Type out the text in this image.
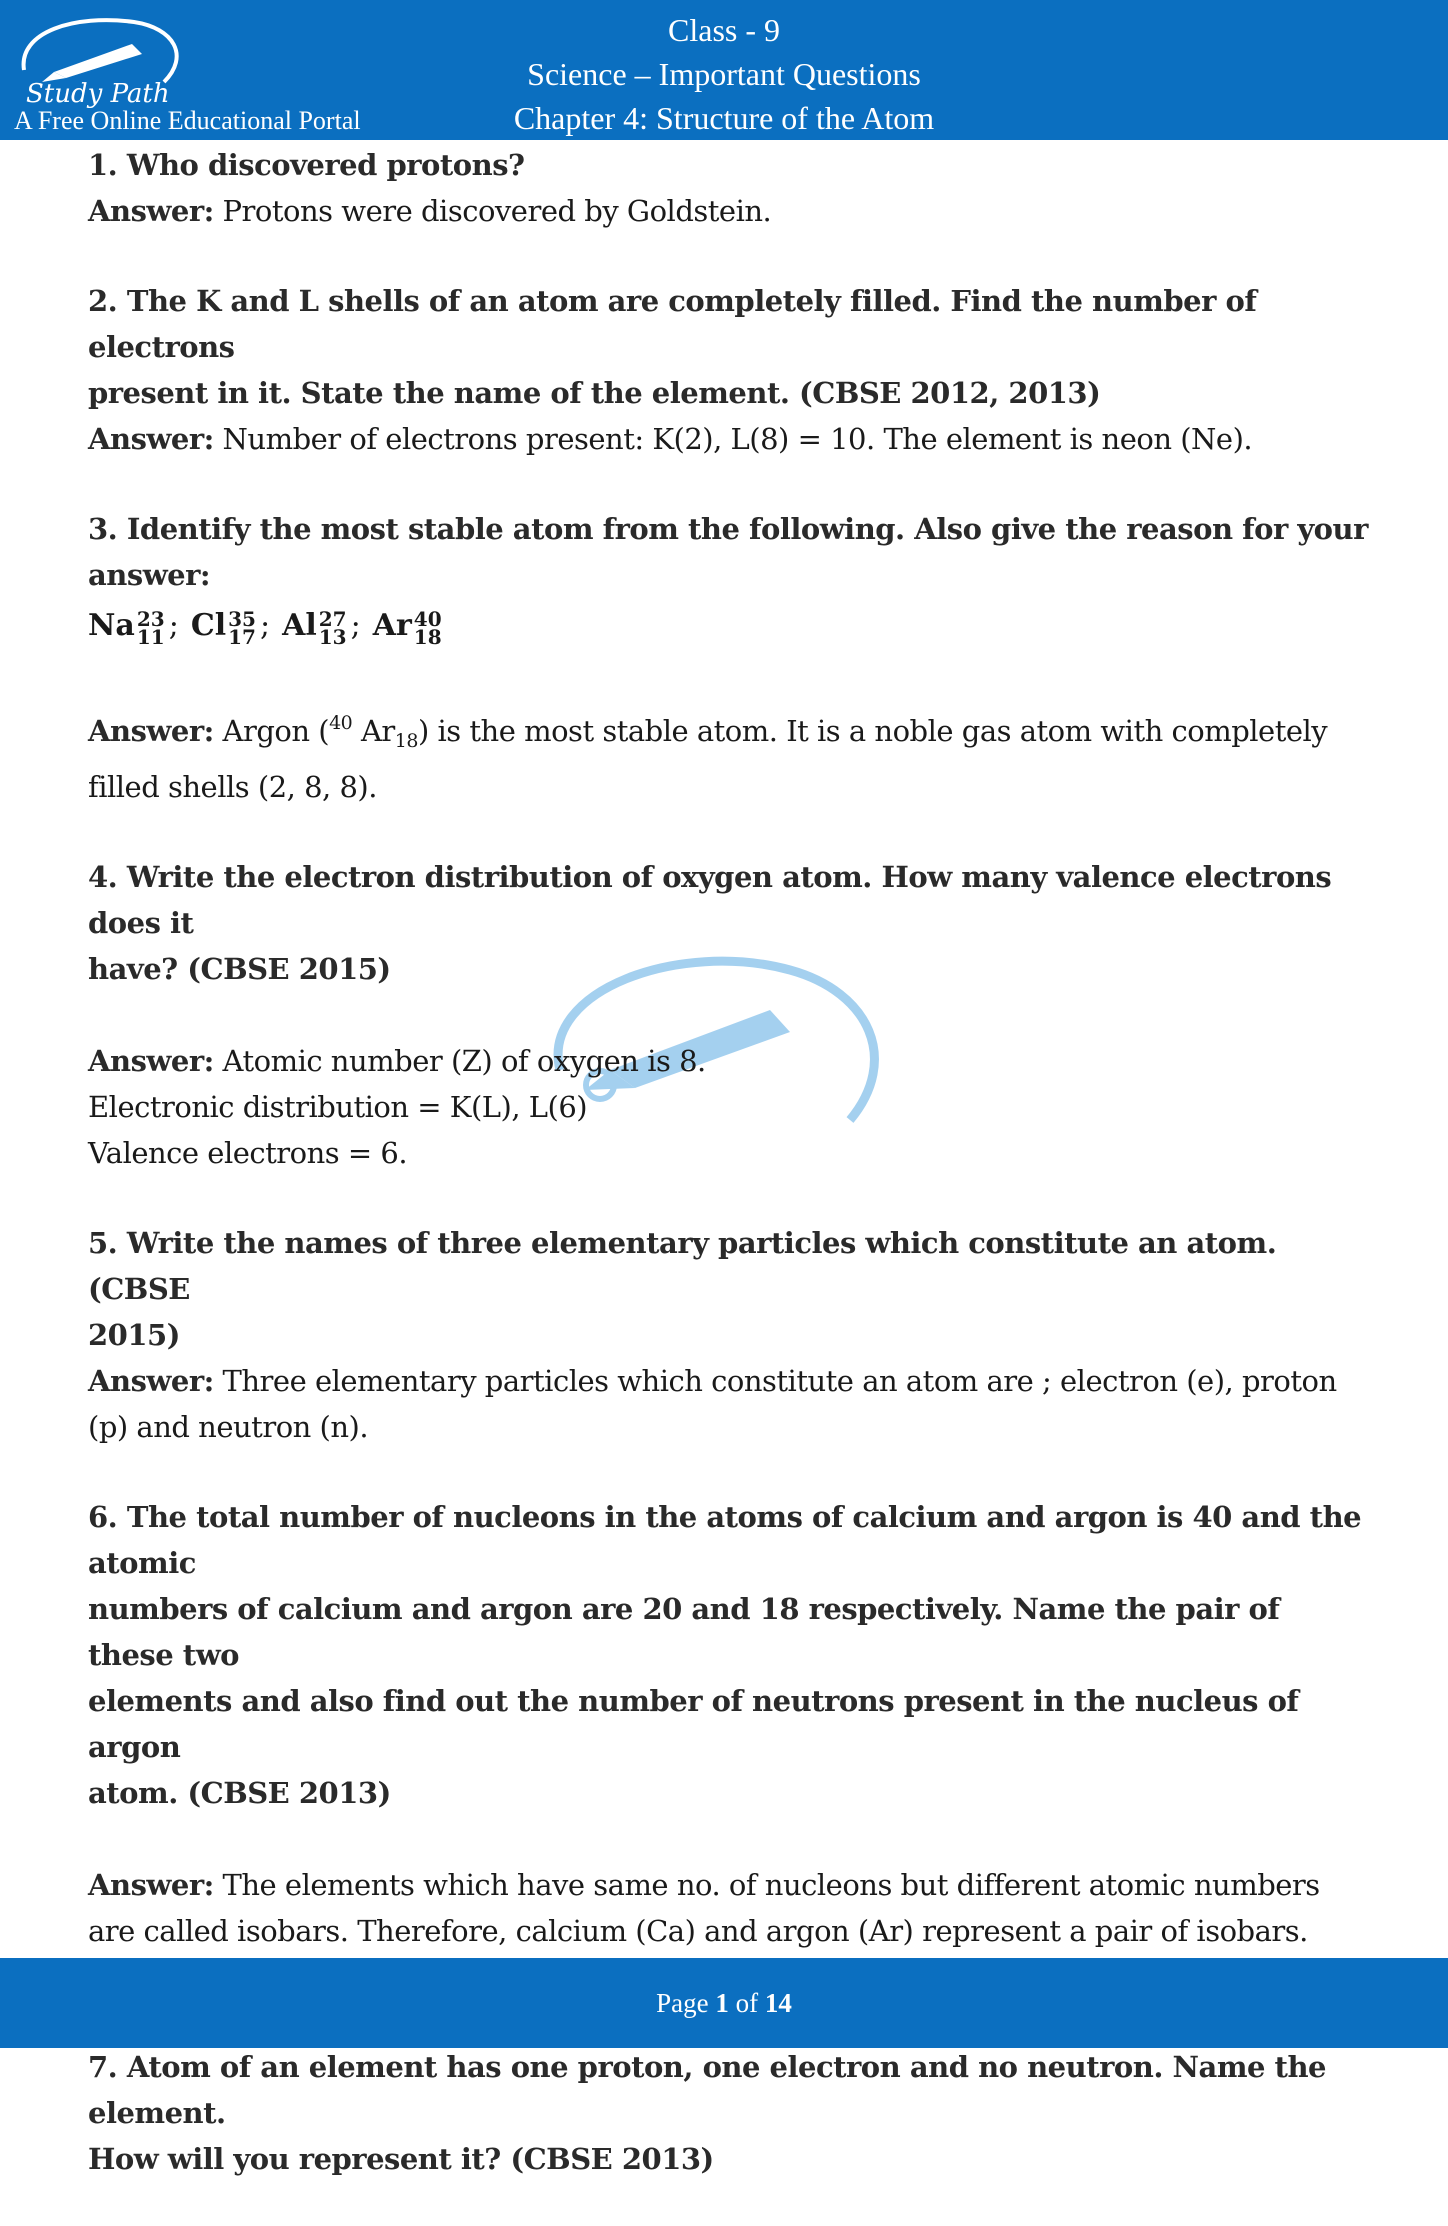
Study Path
A Free Online Educational Portal
Class - 9
Science – Important Questions
Chapter 4: Structure of the Atom

1. Who discovered protons?

Answer: Protons were discovered by Goldstein.

2. The K and L shells of an atom are completely filled. Find the number of electrons

present in it. State the name of the element. (CBSE 2012, 2013)

Answer: Number of electrons present: K(2), L(8) = 10. The element is neon (Ne).

3. Identify the most stable atom from the following. Also give the reason for your

answer:

Na 23
11 ; Cl 35
17 ; Al 27
13 ; Ar 40
18

Answer: Argon ($^{40}$ $Ar_{18}$) is the most stable atom. It is a noble gas atom with completely

filled shells (2, 8, 8).

4. Write the electron distribution of oxygen atom. How many valence electrons does it

have? (CBSE 2015)

Answer: Atomic number (Z) of oxygen is 8.

Electronic distribution = K(L), L(6)

Valence electrons = 6.

5. Write the names of three elementary particles which constitute an atom. (CBSE

2015)

Answer: Three elementary particles which constitute an atom are ; electron (e), proton

(p) and neutron (n).

6. The total number of nucleons in the atoms of calcium and argon is 40 and the atomic

numbers of calcium and argon are 20 and 18 respectively. Name the pair of these two

elements and also find out the number of neutrons present in the nucleus of argon

atom. (CBSE 2013)

Answer: The elements which have same no. of nucleons but different atomic numbers

are called isobars. Therefore, calcium (Ca) and argon (Ar) represent a pair of isobars.

7. Atom of an element has one proton, one electron and no neutron. Name the element.

How will you represent it? (CBSE 2013)

Page 1 of 14
